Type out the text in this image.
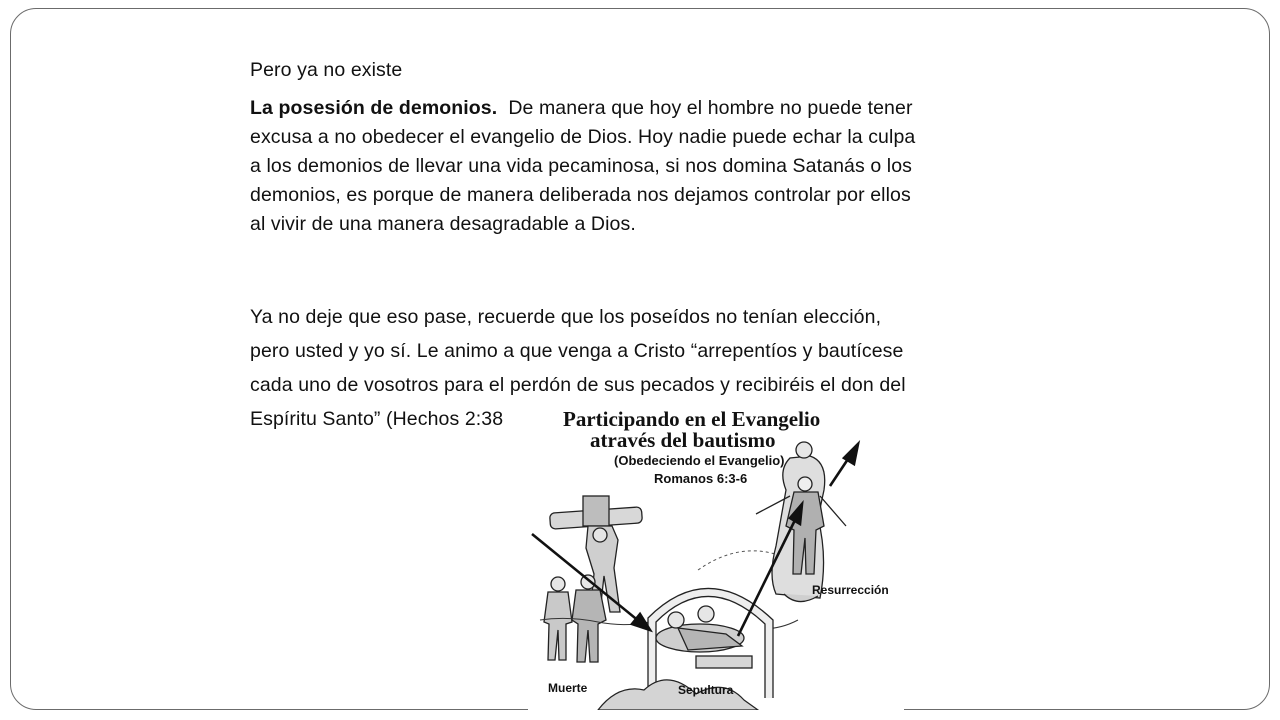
Pero ya no existe
La posesión de demonios.  De manera que hoy el hombre no puede tener
excusa a no obedecer el evangelio de Dios. Hoy nadie puede echar la culpa
a los demonios de llevar una vida pecaminosa, si nos domina Satanás o los
demonios, es porque de manera deliberada nos dejamos controlar por ellos
al vivir de una manera desagradable a Dios.
Ya no deje que eso pase, recuerde que los poseídos no tenían elección,
pero usted y yo sí. Le animo a que venga a Cristo “arrepentíos y bautícese
cada uno de vosotros para el perdón de sus pecados y recibiréis el don del
Espíritu Santo” (Hechos 2:38	Participando en el Evangelio
através del bautismo
(Obedeciendo el Evangelio)
Romanos 6:3-6
Muerte	Sepultura
Resurrección
